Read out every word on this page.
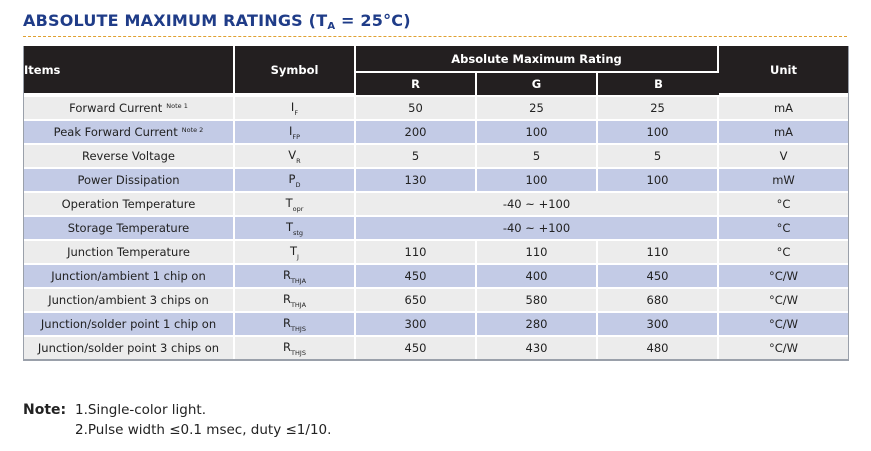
ABSOLUTE MAXIMUM RATINGS $(T_A = 25^\circ C)$
Items	Symbol	Absolute Maximum Rating			Unit
		R	G	B	
Forward Current $^{Note 1}$	$I_F$	50	25	25	mA
Peak Forward Current $^{Note 2}$	$I_{FP}$	200	100	100	mA
Reverse Voltage	$V_R$	5	5	5	V
Power Dissipation	$P_D$	130	100	100	mW
Operation Temperature	$T_{opr}$	-40 ~ +100			°C
Storage Temperature	$T_{stg}$	-40 ~ +100			°C
Junction Temperature	$T_J$	110	110	110	°C
Junction/ambient 1 chip on	$R_{THJA}$	450	400	450	°C/W
Junction/ambient 3 chips on	$R_{THJA}$	650	580	680	°C/W
Junction/solder point 1 chip on	$R_{THJS}$	300	280	300	°C/W
Junction/solder point 3 chips on	$R_{THJS}$	450	430	480	°C/W
Note: 1.Single-color light.
2.Pulse width ≤0.1 msec, duty ≤1/10.
